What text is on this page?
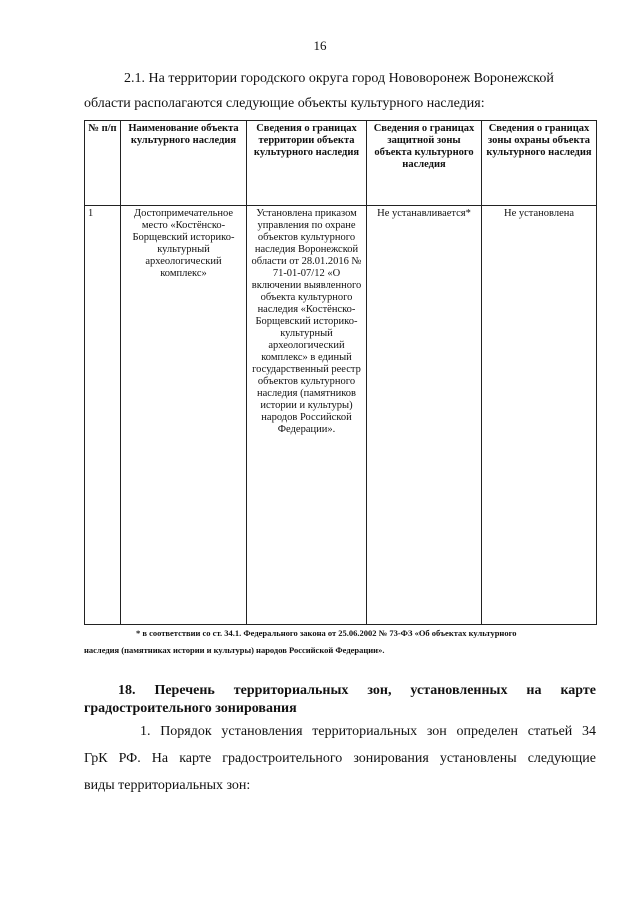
16
2.1. На территории городского округа город Нововоронеж Воронежской
области располагаются следующие объекты культурного наследия:
№ п/п	Наименование объекта культурного наследия	Сведения о границах территории объекта культурного наследия	Сведения о границах защитной зоны объекта культурного наследия	Сведения о границах зоны охраны объекта культурного наследия
1	Достопримечательное место «Костёнско-Борщевский историко-культурный археологический комплекс»	Установлена приказом управления по охране объектов культурного наследия Воронежской области от 28.01.2016 № 71-01-07/12 «О включении выявленного объекта культурного наследия «Костёнско-Борщевский историко-культурный археологический комплекс» в единый государственный реестр объектов культурного наследия (памятников истории и культуры) народов Российской Федерации».	Не устанавливается*	Не установлена
* в соответствии со ст. 34.1. Федерального закона от 25.06.2002 № 73-ФЗ «Об объектах культурного
наследия (памятниках истории и культуры) народов Российской Федерации».
18. Перечень территориальных зон, установленных на карте
градостроительного зонирования
1. Порядок установления территориальных зон определен статьей 34
ГрК РФ. На карте градостроительного зонирования установлены следующие
виды территориальных зон:
